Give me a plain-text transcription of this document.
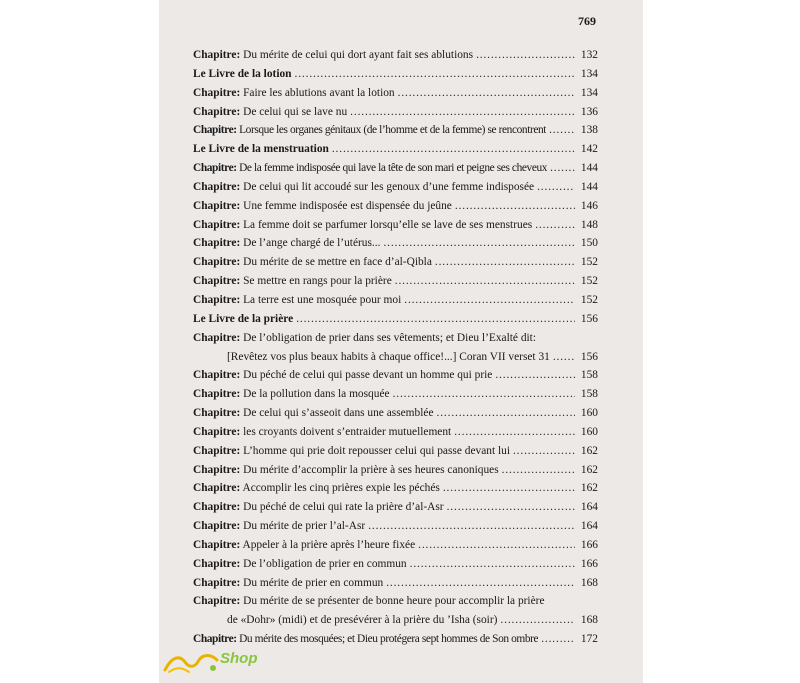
769
Chapitre: Du mérite de celui qui dort ayant fait ses ablutions . . .	132
Le Livre de la lotion . . .	134
Chapitre: Faire les ablutions avant la lotion . . .	134
Chapitre: De celui qui se lave nu . . .	136
Chapitre: Lorsque les organes génitaux (de l’homme et de la femme) se rencontrent . . .	138
Le Livre de la menstruation . . .	142
Chapitre: De la femme indisposée qui lave la tête de son mari et peigne ses cheveux . . .	144
Chapitre: De celui qui lit accoudé sur les genoux d’une femme indisposée . . .	144
Chapitre: Une femme indisposée est dispensée du jeûne . . .	146
Chapitre: La femme doit se parfumer lorsqu’elle se lave de ses menstrues . . .	148
Chapitre: De l’ange chargé de l’utérus... . . .	150
Chapitre: Du mérite de se mettre en face d’al-Qibla . . .	152
Chapitre: Se mettre en rangs pour la prière . . .	152
Chapitre: La terre est une mosquée pour moi . . .	152
Le Livre de la prière . . .	156
Chapitre: De l’obligation de prier dans ses vêtements; et Dieu l’Exalté dit:
[Revêtez vos plus beaux habits à chaque office!...] Coran VII verset 31 . . .	156
Chapitre: Du péché de celui qui passe devant un homme qui prie . . .	158
Chapitre: De la pollution dans la mosquée . . .	158
Chapitre: De celui qui s’asseoit dans une assemblée . . .	160
Chapitre: les croyants doivent s’entraider mutuellement . . .	160
Chapitre: L’homme qui prie doit repousser celui qui passe devant lui . . .	162
Chapitre: Du mérite d’accomplir la prière à ses heures canoniques . . .	162
Chapitre: Accomplir les cinq prières expie les péchés . . .	162
Chapitre: Du péché de celui qui rate la prière d’al-Asr . . .	164
Chapitre: Du mérite de prier l’al-Asr . . .	164
Chapitre: Appeler à la prière après l’heure fixée . . .	166
Chapitre: De l’obligation de prier en commun . . .	166
Chapitre: Du mérite de prier en commun . . .	168
Chapitre: Du mérite de se présenter de bonne heure pour accomplir la prière
de «Dohr» (midi) et de presévérer à la prière du ’Isha (soir) . . .	168
Chapitre: Du mérite des mosquées; et Dieu protégera sept hommes de Son ombre . . .	172
Shop
